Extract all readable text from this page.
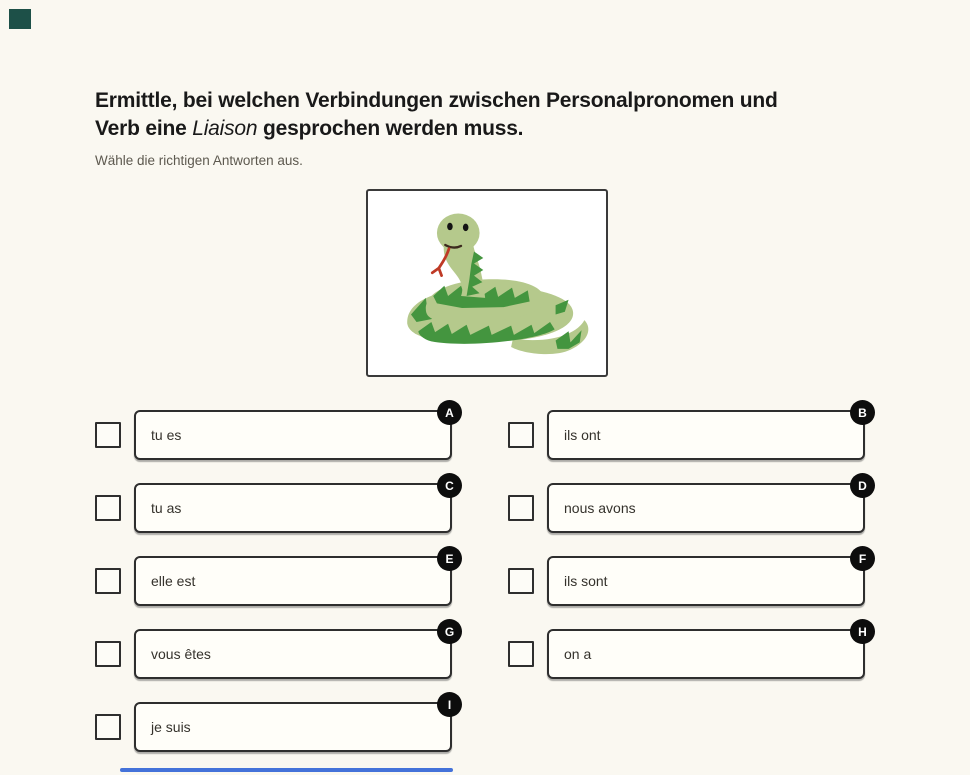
Ermittle, bei welchen Verbindungen zwischen Personalpronomen und
Verb eine Liaison gesprochen werden muss.
Wähle die richtigen Antworten aus.
A
tu es
C
tu as
E
elle est
G
vous êtes
I
je suis
B
ils ont
D
nous avons
F
ils sont
H
on a
